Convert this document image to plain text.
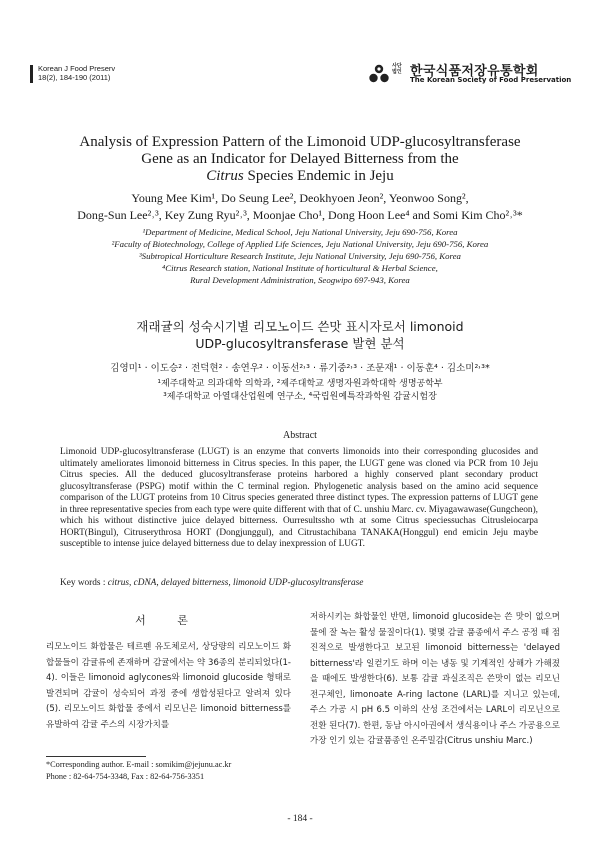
Korean J Food Preserv
18(2), 184-190 (2011)
사단
법인 한국식품저장유통학회
The Korean Society of Food Preservation
Analysis of Expression Pattern of the Limonoid UDP-glucosyltransferase
Gene as an Indicator for Delayed Bitterness from the
Citrus Species Endemic in Jeju
Young Mee Kim¹, Do Seung Lee², Deokhyoen Jeon², Yeonwoo Song²,
Dong-Sun Lee²˒³, Key Zung Ryu²˒³, Moonjae Cho¹, Dong Hoon Lee⁴ and Somi Kim Cho²˒³*
¹Department of Medicine, Medical School, Jeju National University, Jeju 690-756, Korea
²Faculty of Biotechnology, College of Applied Life Sciences, Jeju National University, Jeju 690-756, Korea
³Subtropical Horticulture Research Institute, Jeju National University, Jeju 690-756, Korea
⁴Citrus Research station, National Institute of horticultural & Herbal Science,
Rural Development Administration, Seogwipo 697-943, Korea
재래귤의 성숙시기별 리모노이드 쓴맛 표시자로서 limonoid
UDP-glucosyltransferase 발현 분석
김영미¹ · 이도승² · 전덕현² · 송연우² · 이동선²˒³ · 류기중²˒³ · 조문재¹ · 이동훈⁴ · 김소미²˒³*
¹제주대학교 의과대학 의학과, ²제주대학교 생명자원과학대학 생명공학부
³제주대학교 아열대산업원예 연구소, ⁴국립원예특작과학원 감귤시험장
Abstract
Limonoid UDP-glucosyltransferase (LUGT) is an enzyme that converts limonoids into their corresponding glucosides and ultimately ameliorates limonoid bitterness in Citrus species. In this paper, the LUGT gene was cloned via PCR from 10 Jeju Citrus species. All the deduced glucosyltransferase proteins harbored a highly conserved plant secondary product glucosyltransferase (PSPG) motif within the C terminal region. Phylogenetic analysis based on the amino acid sequence comparison of the LUGT proteins from 10 Citrus species generated three distinct types. The expression patterns of LUGT gene in three representative species from each type were quite different with that of C. unshiu Marc. cv. Miyagawawase(Gungcheon), which his without distinctive juice delayed bitterness. Ourresultssho wth at some Citrus speciessuchas Citrusleiocarpa HORT(Bingul), Citruserythrosa HORT (Dongjunggul), and Citrustachibana TANAKA(Honggul) end emicin Jeju maybe susceptible to intense juice delayed bitterness due to delay inexpression of LUGT.
Key words : citrus, cDNA, delayed bitterness, limonoid UDP-glucosyltransferase
서 론
리모노이드 화합물은 테르펜 유도체로서, 상당량의 리모노이드 화합물들이 감귤류에 존재하며 감귤에서는 약 36종의 분리되었다(1-4). 이들은 limonoid aglycones와 limonoid glucoside 형태로 발견되며 감귤이 성숙되어 과정 중에 생합성된다고 알려져 있다(5). 리모노이드 화합물 중에서 리모닌은 limonoid bitterness를 유발하여 감귤 주스의 시장가치를
저하시키는 화합물인 반면, limonoid glucoside는 쓴 맛이 없으며 물에 잘 녹는 활성 물질이다(1). 몇몇 감귤 품종에서 주스 공정 때 점진적으로 발생한다고 보고된 limonoid bitterness는 'delayed bitterness'라 일컫기도 하며 이는 냉동 및 기계적인 상해가 가해졌을 때에도 발생한다(6). 보통 감귤 과실조직은 쓴맛이 없는 리모닌 전구체인, limonoate A-ring lactone (LARL)를 지니고 있는데, 주스 가공 시 pH 6.5 이하의 산성 조건에서는 LARL이 리모닌으로 전환 된다(7). 한편, 동남 아시아권에서 생식용이나 주스 가공용으로 가장 인기 있는 감귤품종인 온주밀감(Citrus unshiu Marc.)
*Corresponding author. E-mail : somikim@jejunu.ac.kr
Phone : 82-64-754-3348, Fax : 82-64-756-3351
- 184 -
